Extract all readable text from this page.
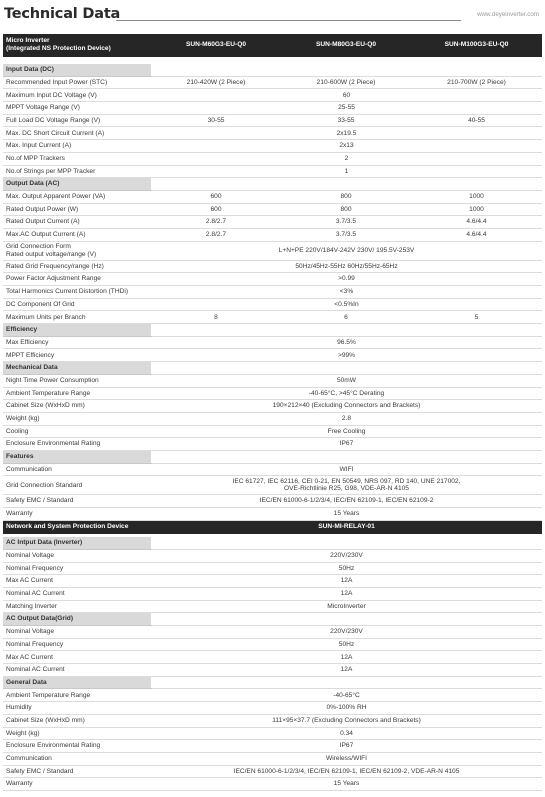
Technical Data	www.deyeinverter.com
Micro Inverter
(Integrated NS Protection Device)	SUN-M60G3-EU-Q0	SUN-M80G3-EU-Q0	SUN-M100G3-EU-Q0

Input Data (DC)			
Recommended Input Power (STC)	210-420W (2 Piece)	210-600W (2 Piece)	210-700W (2 Piece)
Maximum Input DC Voltage (V)	60		
MPPT Voltage Range (V)	25-55		
Full Load DC Voltage Range (V)	30-55	33-55	40-55
Max. DC Short Circuit Current (A)	2x19.5		
Max. Input Current (A)	2x13		
No.of MPP Trackers	2		
No.of Strings per MPP Tracker	1		
Output Data (AC)			
Max. Output Apparent Power (VA)	600	800	1000
Rated Output Power (W)	600	800	1000
Rated Output Current (A)	2.8/2.7	3.7/3.5	4.6/4.4
Max.AC Output Current (A)	2.8/2.7	3.7/3.5	4.6/4.4
Grid Connection Form
Rated output voltage/range (V)	L+N+PE 220V/184V-242V 230V/ 195.5V-253V		
Rated Grid Frequency/range (Hz)	50Hz/45Hz-55Hz 60Hz/55Hz-65Hz		
Power Factor Adjustment Range	>0.99		
Total Harmonics Current Distortion (THDi)	<3%		
DC Component Of Grid	<0.5%In		
Maximum Units per Branch	8	6	5
Efficiency			
Max Efficiency	96.5%		
MPPT Efficiency	>99%		
Mechanical Data			
Night Time Power Consumption	50mW		
Ambient Temperature Range	-40-65°C, >45°C Derating		
Cabinet Size (WxHxD mm)	190×212×40 (Excluding Connectors and Brackets)		
Weight (kg)	2.8		
Cooling	Free Cooling		
Enclosure Environmental Rating	IP67		
Features			
Communication	WIFI		
Grid Connection Standard	IEC 61727, IEC 62116, CEI 0-21, EN 50549, NRS 097, RD 140, UNE 217002,
OVE-Richtlinie R25, G98, VDE-AR-N 4105		
Safety EMC / Standard	IEC/EN 61000-6-1/2/3/4, IEC/EN 62109-1, IEC/EN 62109-2		
Warranty	15 Years		
Network and System Protection Device	SUN-MI-RELAY-01		

AC Intput Data (Inverter)			
Nominal Voltage	220V/230V		
Nominal Frequency	50Hz		
Max AC Current	12A		
Nominal AC Current	12A		
Matching Inverter	MicroInverter		
AC Output Data(Grid)			
Nominal Voltage	220V/230V		
Nominal Frequency	50Hz		
Max AC Current	12A		
Nominal AC Current	12A		
General Data			
Ambient Temperature Range	-40-65°C		
Humidity	0%-100% RH		
Cabinet Size (WxHxD mm)	111×95×37.7 (Excluding Connectors and Brackets)		
Weight (kg)	0.34		
Enclosure Environmental Rating	IP67		
Communication	Wireless/WIFI		
Safety EMC / Standard	IEC/EN 61000-6-1/2/3/4, IEC/EN 62109-1, IEC/EN 62109-2, VDE-AR-N 4105		
Warranty	15 Years		
